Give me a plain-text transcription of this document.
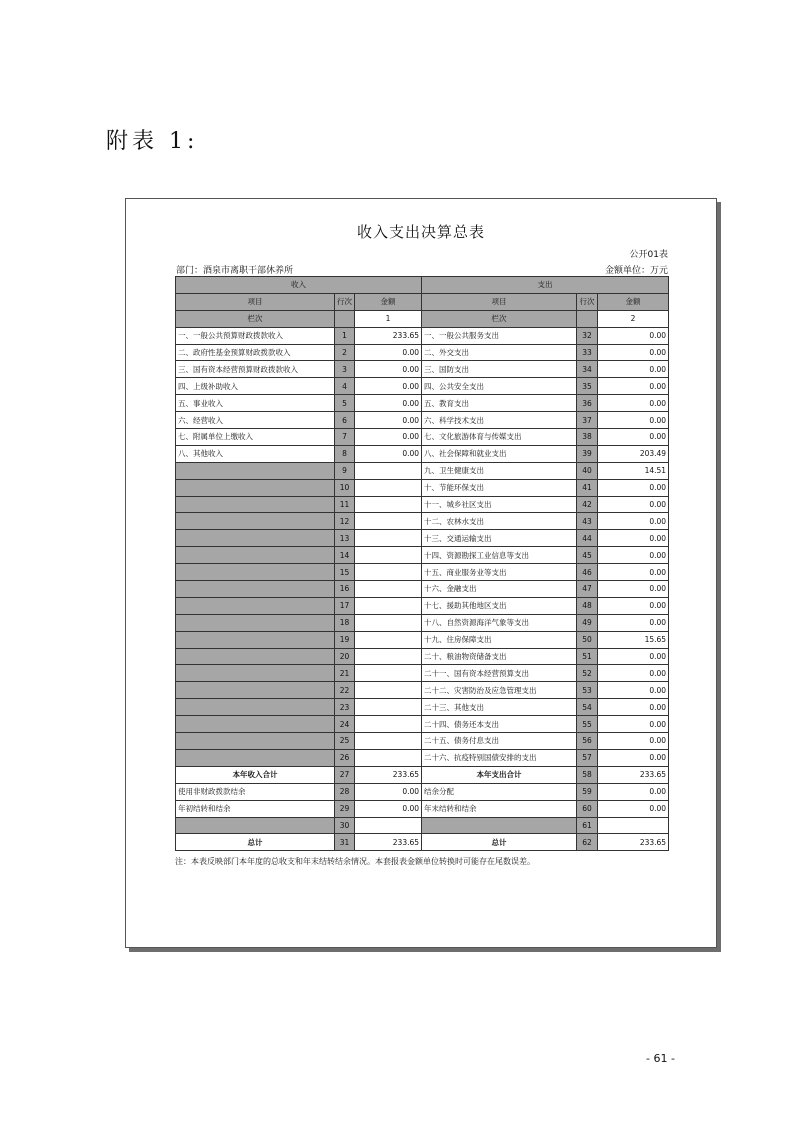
附表 1:
收入支出决算总表
公开01表
部门：酒泉市离职干部休养所	金额单位：万元
收入			支出		
项目	行次	金额	项目	行次	金额
栏次		1	栏次		2
一、一般公共预算财政拨款收入	1	233.65	一、一般公共服务支出	32	0.00
二、政府性基金预算财政拨款收入	2	0.00	二、外交支出	33	0.00
三、国有资本经营预算财政拨款收入	3	0.00	三、国防支出	34	0.00
四、上级补助收入	4	0.00	四、公共安全支出	35	0.00
五、事业收入	5	0.00	五、教育支出	36	0.00
六、经营收入	6	0.00	六、科学技术支出	37	0.00
七、附属单位上缴收入	7	0.00	七、文化旅游体育与传媒支出	38	0.00
八、其他收入	8	0.00	八、社会保障和就业支出	39	203.49
	9		九、卫生健康支出	40	14.51
	10		十、节能环保支出	41	0.00
	11		十一、城乡社区支出	42	0.00
	12		十二、农林水支出	43	0.00
	13		十三、交通运输支出	44	0.00
	14		十四、资源勘探工业信息等支出	45	0.00
	15		十五、商业服务业等支出	46	0.00
	16		十六、金融支出	47	0.00
	17		十七、援助其他地区支出	48	0.00
	18		十八、自然资源海洋气象等支出	49	0.00
	19		十九、住房保障支出	50	15.65
	20		二十、粮油物资储备支出	51	0.00
	21		二十一、国有资本经营预算支出	52	0.00
	22		二十二、灾害防治及应急管理支出	53	0.00
	23		二十三、其他支出	54	0.00
	24		二十四、债务还本支出	55	0.00
	25		二十五、债务付息支出	56	0.00
	26		二十六、抗疫特别国债安排的支出	57	0.00
本年收入合计	27	233.65	本年支出合计	58	233.65
使用非财政拨款结余	28	0.00	结余分配	59	0.00
年初结转和结余	29	0.00	年末结转和结余	60	0.00
	30			61	
总计	31	233.65	总计	62	233.65
注：本表反映部门本年度的总收支和年末结转结余情况。本套报表金额单位转换时可能存在尾数误差。
- 61 -
